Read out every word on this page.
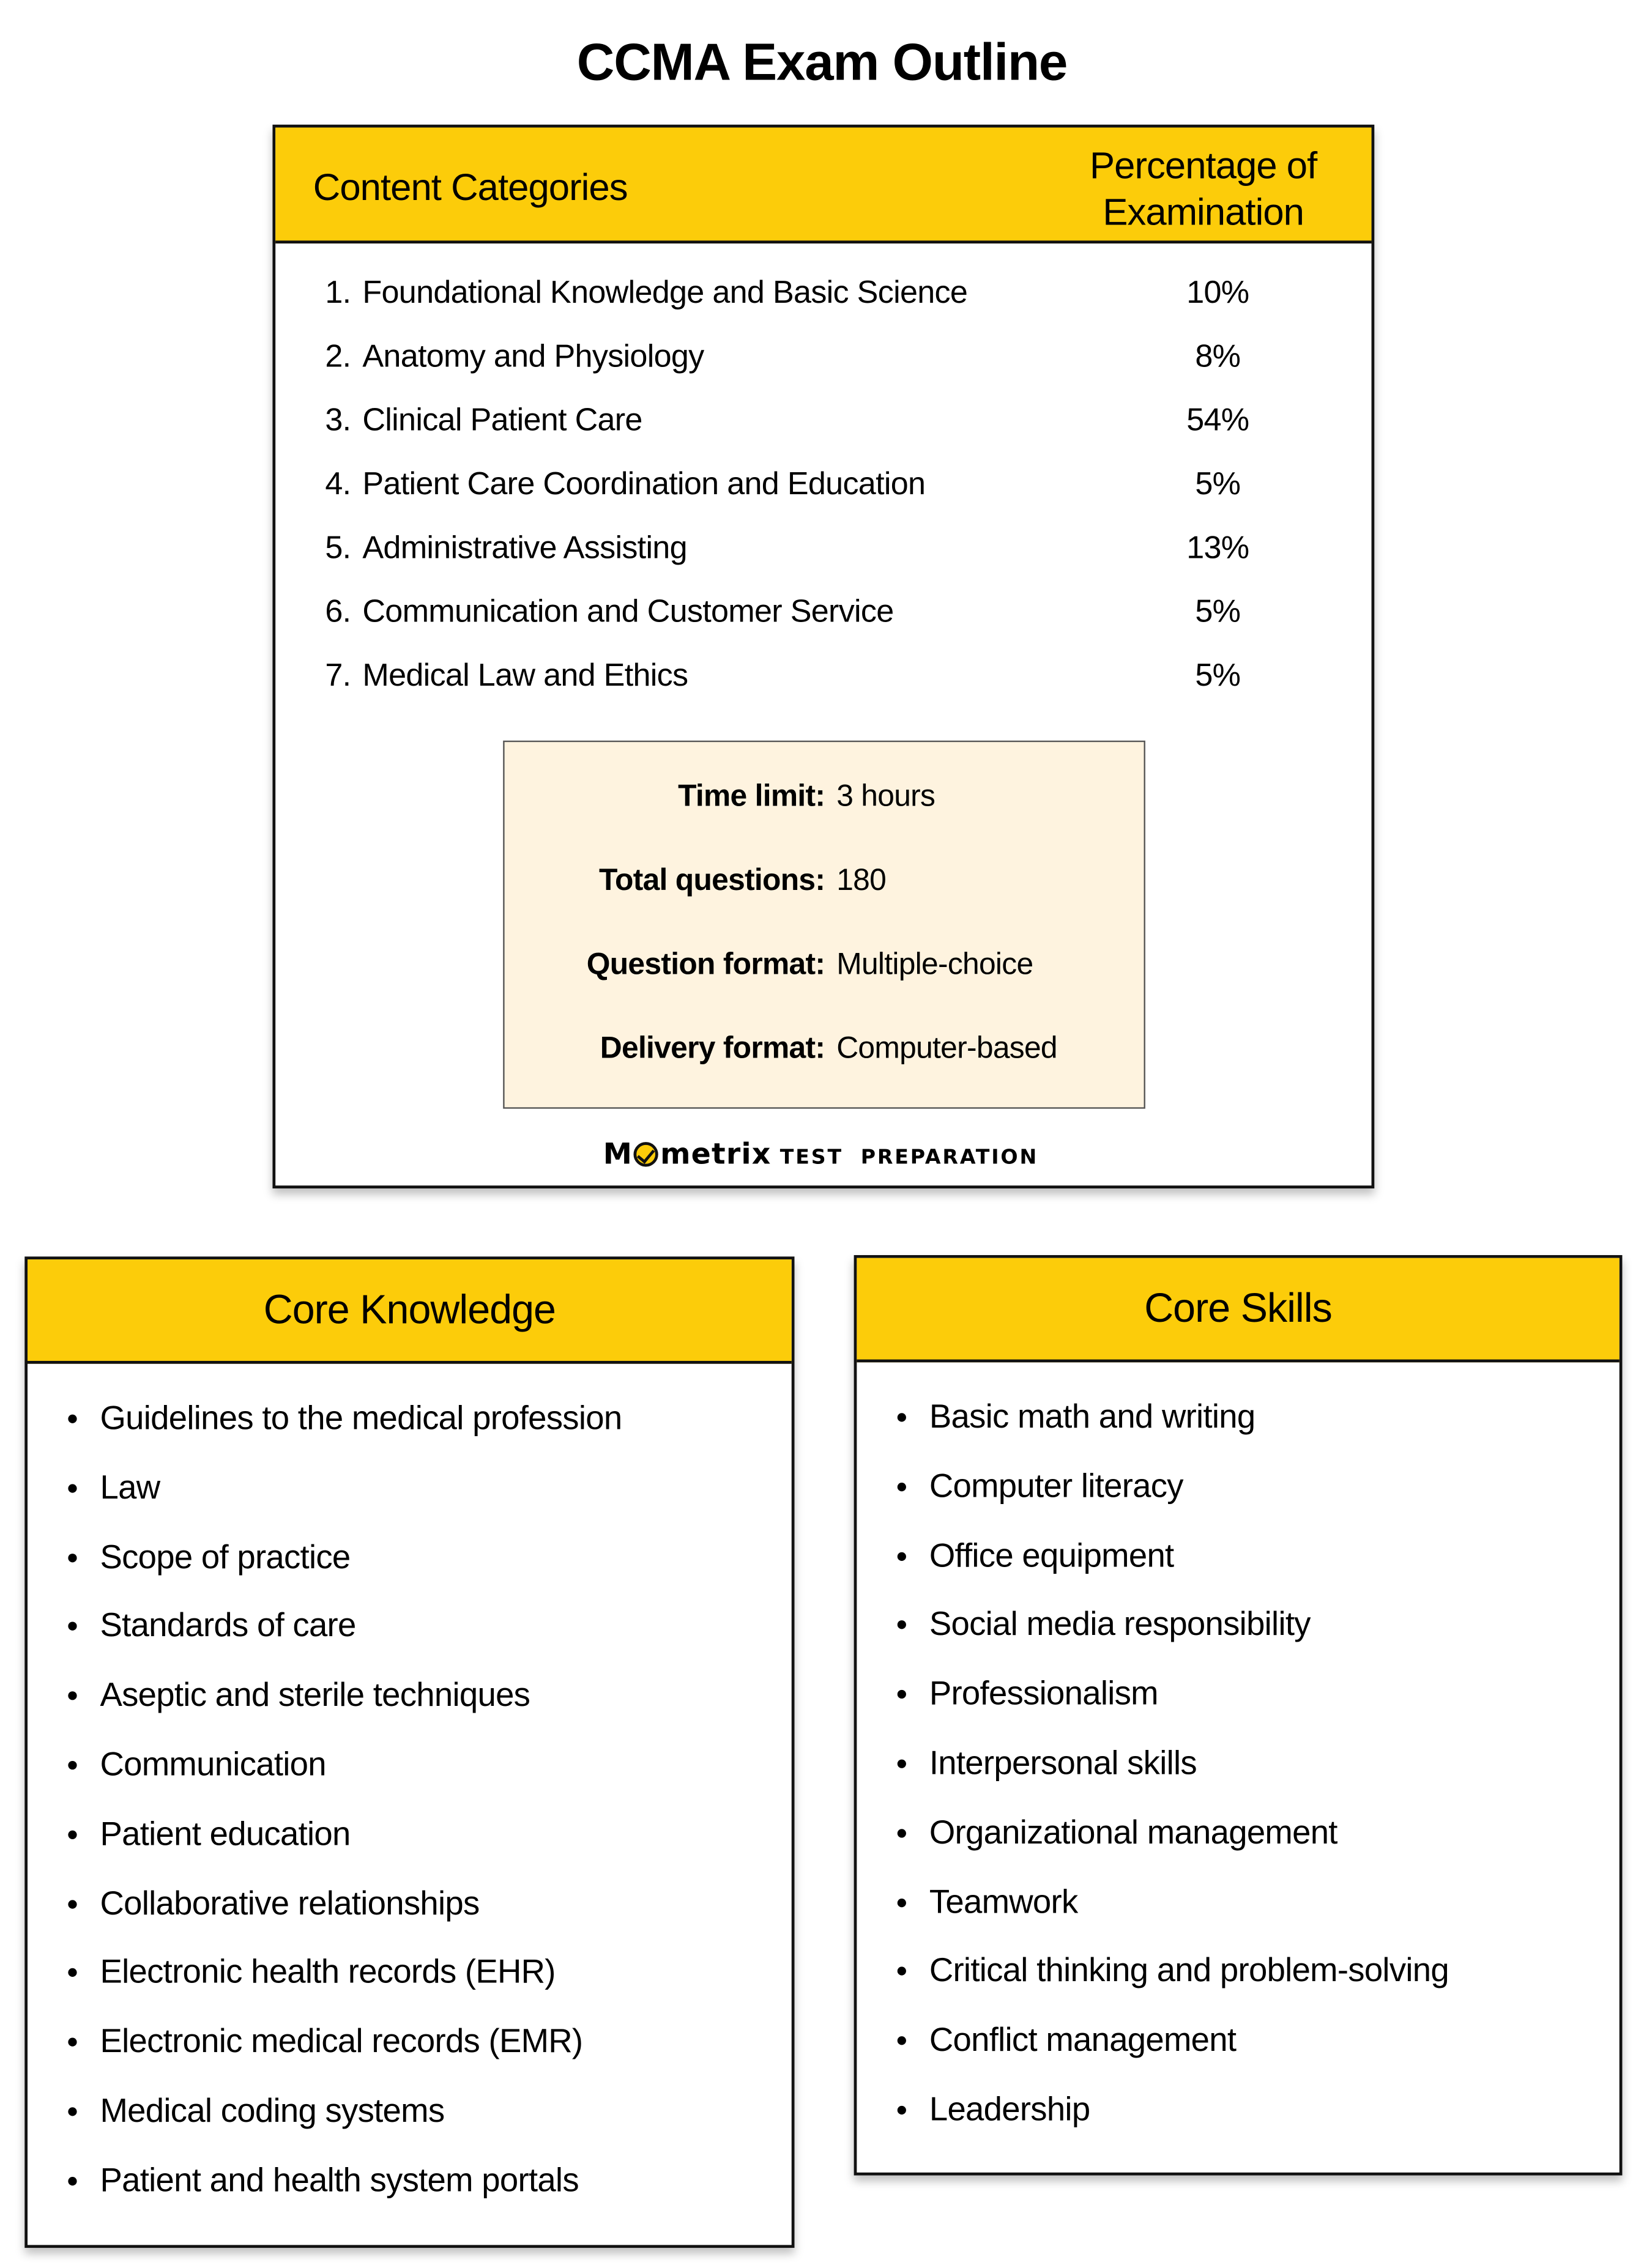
CCMA Exam Outline
Content Categories	Percentage of Examination
1. Foundational Knowledge and Basic Science	10%
2. Anatomy and Physiology	8%
3. Clinical Patient Care	54%
4. Patient Care Coordination and Education	5%
5. Administrative Assisting	13%
6. Communication and Customer Service	5%
7. Medical Law and Ethics	5%
Time limit: 3 hours
Total questions: 180
Question format: Multiple-choice
Delivery format: Computer-based
M metrix TEST  PREPARATION
Core Knowledge
Guidelines to the medical profession
Law
Scope of practice
Standards of care
Aseptic and sterile techniques
Communication
Patient education
Collaborative relationships
Electronic health records (EHR)
Electronic medical records (EMR)
Medical coding systems
Patient and health system portals
Core Skills
Basic math and writing
Computer literacy
Office equipment
Social media responsibility
Professionalism
Interpersonal skills
Organizational management
Teamwork
Critical thinking and problem-solving
Conflict management
Leadership
